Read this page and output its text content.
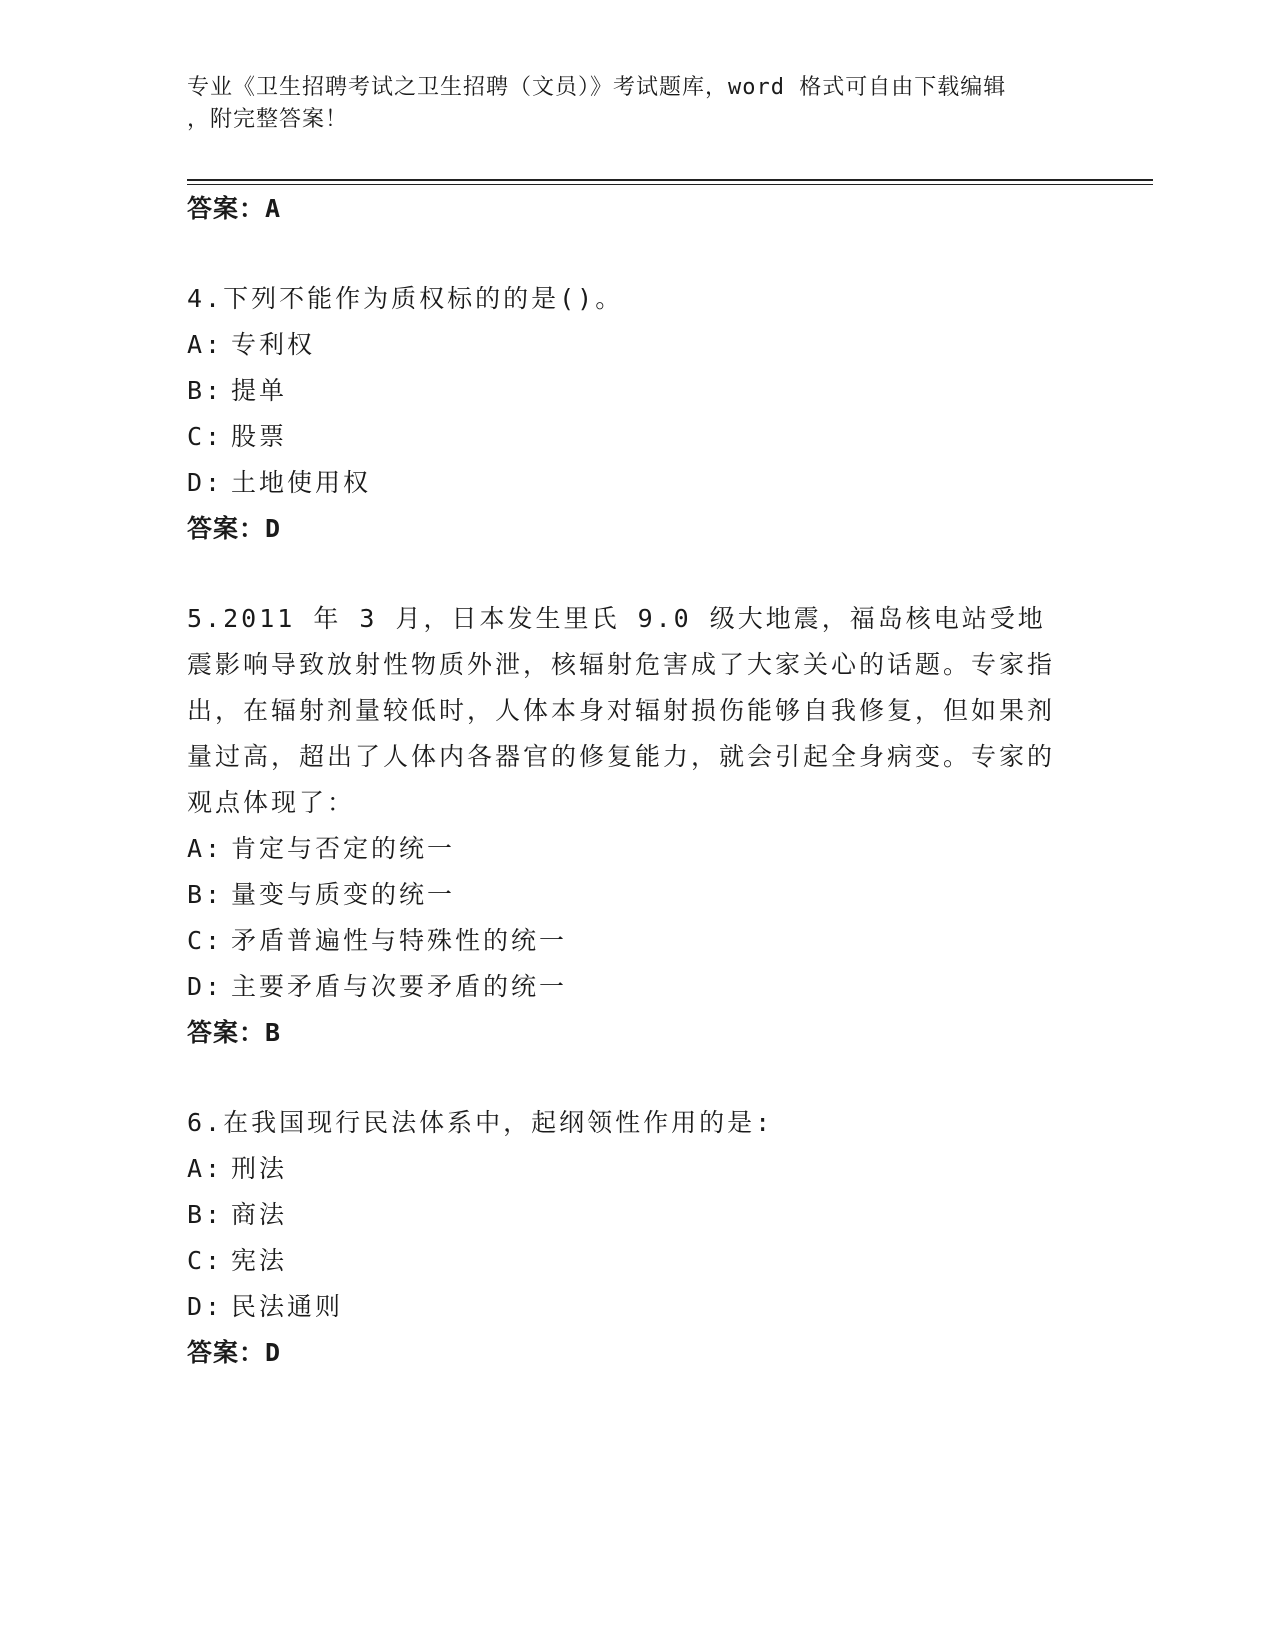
专业《卫生招聘考试之卫生招聘（文员）》考试题库，word 格式可自由下载编辑
，附完整答案！
答案：A
4.下列不能作为质权标的的是()。
A: 专利权
B: 提单
C: 股票
D: 土地使用权
答案：D
5.2011 年 3 月，日本发生里氏 9.0 级大地震，福岛核电站受地震影响导致放射性物质外泄，核辐射危害成了大家关心的话题。专家指出，在辐射剂量较低时，人体本身对辐射损伤能够自我修复，但如果剂量过高，超出了人体内各器官的修复能力，就会引起全身病变。专家的观点体现了：
A: 肯定与否定的统一
B: 量变与质变的统一
C: 矛盾普遍性与特殊性的统一
D: 主要矛盾与次要矛盾的统一
答案：B
6.在我国现行民法体系中，起纲领性作用的是:
A: 刑法
B: 商法
C: 宪法
D: 民法通则
答案：D
